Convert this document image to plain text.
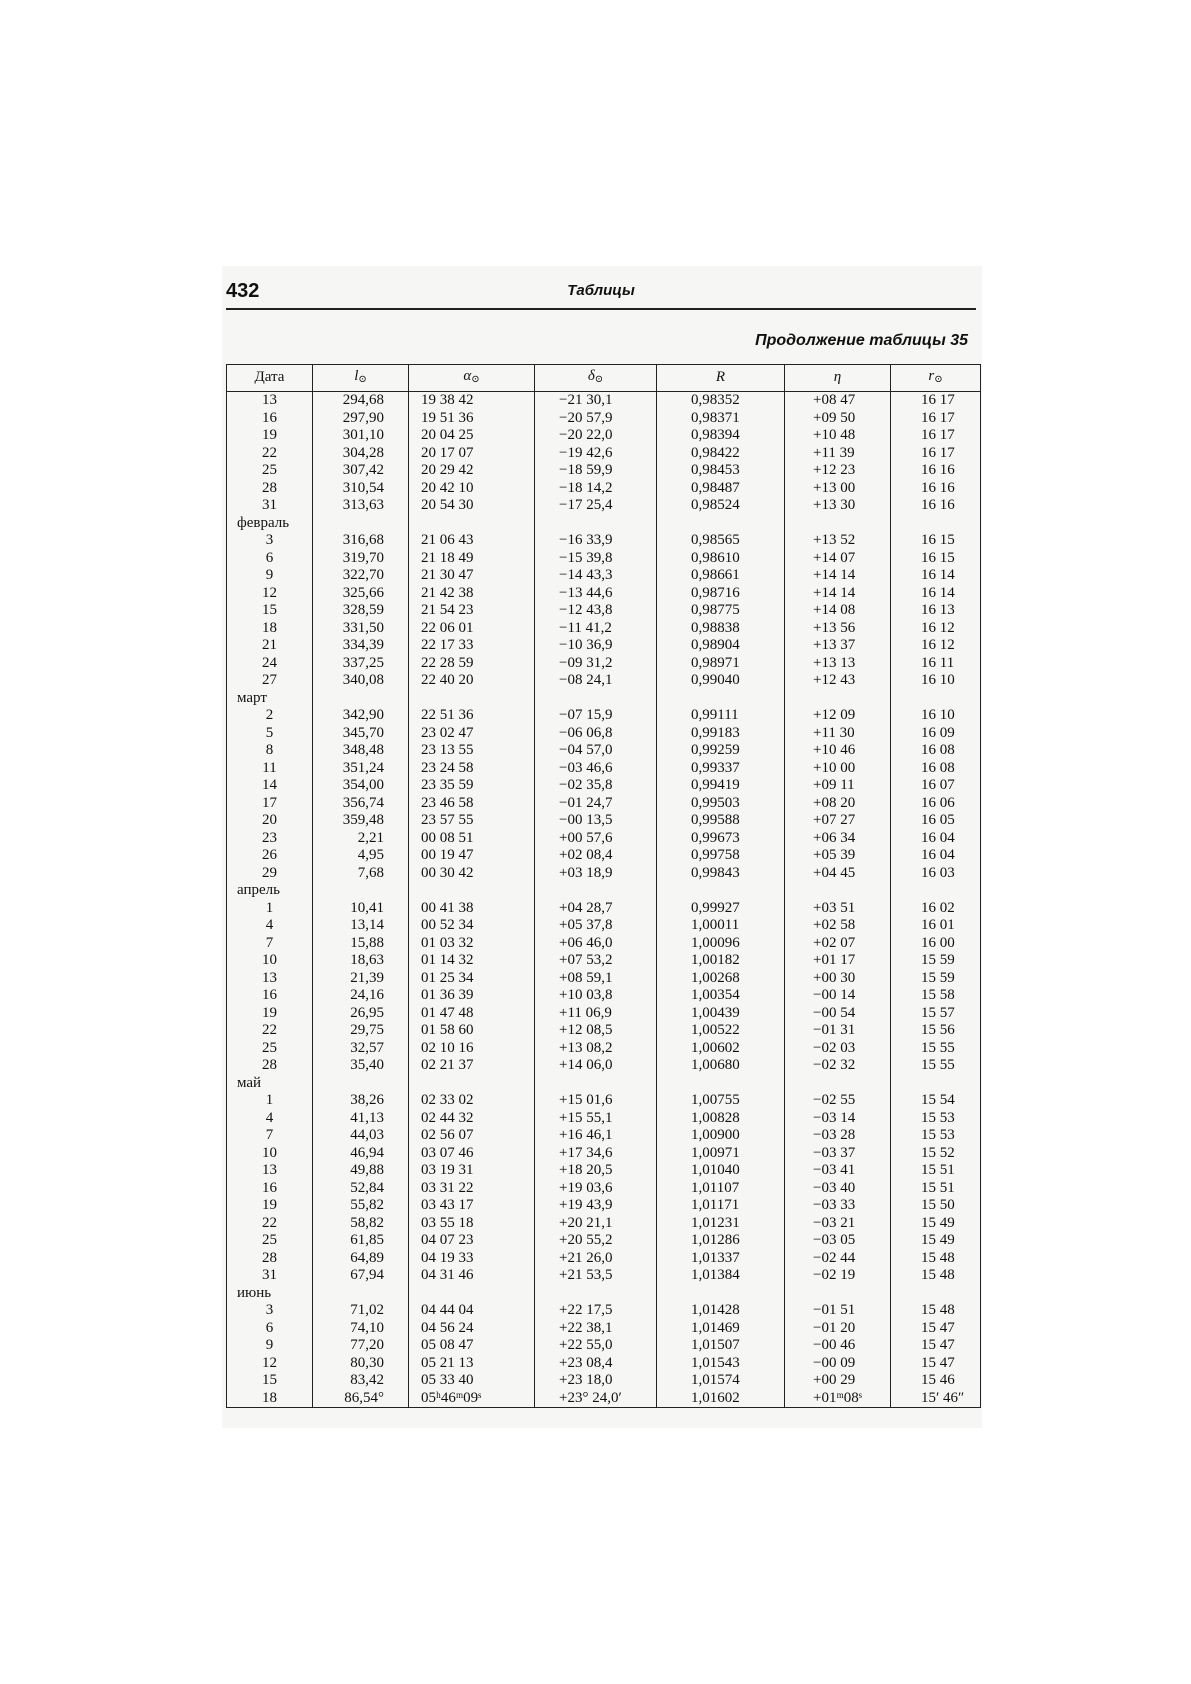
432	Таблицы
Продолжение таблицы 35
Дата	$l_⊙$	$\alpha_⊙$	$\delta_⊙$	R	η	$r_⊙$
13	294,68	19 38 42	−21 30,1	0,98352	+08 47	16 17
16	297,90	19 51 36	−20 57,9	0,98371	+09 50	16 17
19	301,10	20 04 25	−20 22,0	0,98394	+10 48	16 17
22	304,28	20 17 07	−19 42,6	0,98422	+11 39	16 17
25	307,42	20 29 42	−18 59,9	0,98453	+12 23	16 16
28	310,54	20 42 10	−18 14,2	0,98487	+13 00	16 16
31	313,63	20 54 30	−17 25,4	0,98524	+13 30	16 16
февраль						
3	316,68	21 06 43	−16 33,9	0,98565	+13 52	16 15
6	319,70	21 18 49	−15 39,8	0,98610	+14 07	16 15
9	322,70	21 30 47	−14 43,3	0,98661	+14 14	16 14
12	325,66	21 42 38	−13 44,6	0,98716	+14 14	16 14
15	328,59	21 54 23	−12 43,8	0,98775	+14 08	16 13
18	331,50	22 06 01	−11 41,2	0,98838	+13 56	16 12
21	334,39	22 17 33	−10 36,9	0,98904	+13 37	16 12
24	337,25	22 28 59	−09 31,2	0,98971	+13 13	16 11
27	340,08	22 40 20	−08 24,1	0,99040	+12 43	16 10
март						
2	342,90	22 51 36	−07 15,9	0,99111	+12 09	16 10
5	345,70	23 02 47	−06 06,8	0,99183	+11 30	16 09
8	348,48	23 13 55	−04 57,0	0,99259	+10 46	16 08
11	351,24	23 24 58	−03 46,6	0,99337	+10 00	16 08
14	354,00	23 35 59	−02 35,8	0,99419	+09 11	16 07
17	356,74	23 46 58	−01 24,7	0,99503	+08 20	16 06
20	359,48	23 57 55	−00 13,5	0,99588	+07 27	16 05
23	2,21	00 08 51	+00 57,6	0,99673	+06 34	16 04
26	4,95	00 19 47	+02 08,4	0,99758	+05 39	16 04
29	7,68	00 30 42	+03 18,9	0,99843	+04 45	16 03
апрель						
1	10,41	00 41 38	+04 28,7	0,99927	+03 51	16 02
4	13,14	00 52 34	+05 37,8	1,00011	+02 58	16 01
7	15,88	01 03 32	+06 46,0	1,00096	+02 07	16 00
10	18,63	01 14 32	+07 53,2	1,00182	+01 17	15 59
13	21,39	01 25 34	+08 59,1	1,00268	+00 30	15 59
16	24,16	01 36 39	+10 03,8	1,00354	−00 14	15 58
19	26,95	01 47 48	+11 06,9	1,00439	−00 54	15 57
22	29,75	01 58 60	+12 08,5	1,00522	−01 31	15 56
25	32,57	02 10 16	+13 08,2	1,00602	−02 03	15 55
28	35,40	02 21 37	+14 06,0	1,00680	−02 32	15 55
май						
1	38,26	02 33 02	+15 01,6	1,00755	−02 55	15 54
4	41,13	02 44 32	+15 55,1	1,00828	−03 14	15 53
7	44,03	02 56 07	+16 46,1	1,00900	−03 28	15 53
10	46,94	03 07 46	+17 34,6	1,00971	−03 37	15 52
13	49,88	03 19 31	+18 20,5	1,01040	−03 41	15 51
16	52,84	03 31 22	+19 03,6	1,01107	−03 40	15 51
19	55,82	03 43 17	+19 43,9	1,01171	−03 33	15 50
22	58,82	03 55 18	+20 21,1	1,01231	−03 21	15 49
25	61,85	04 07 23	+20 55,2	1,01286	−03 05	15 49
28	64,89	04 19 33	+21 26,0	1,01337	−02 44	15 48
31	67,94	04 31 46	+21 53,5	1,01384	−02 19	15 48
июнь						
3	71,02	04 44 04	+22 17,5	1,01428	−01 51	15 48
6	74,10	04 56 24	+22 38,1	1,01469	−01 20	15 47
9	77,20	05 08 47	+22 55,0	1,01507	−00 46	15 47
12	80,30	05 21 13	+23 08,4	1,01543	−00 09	15 47
15	83,42	05 33 40	+23 18,0	1,01574	+00 29	15 46
18	86,54°	05ʰ46ᵐ09ˢ	+23° 24,0′	1,01602	+01ᵐ08ˢ	15′ 46″
